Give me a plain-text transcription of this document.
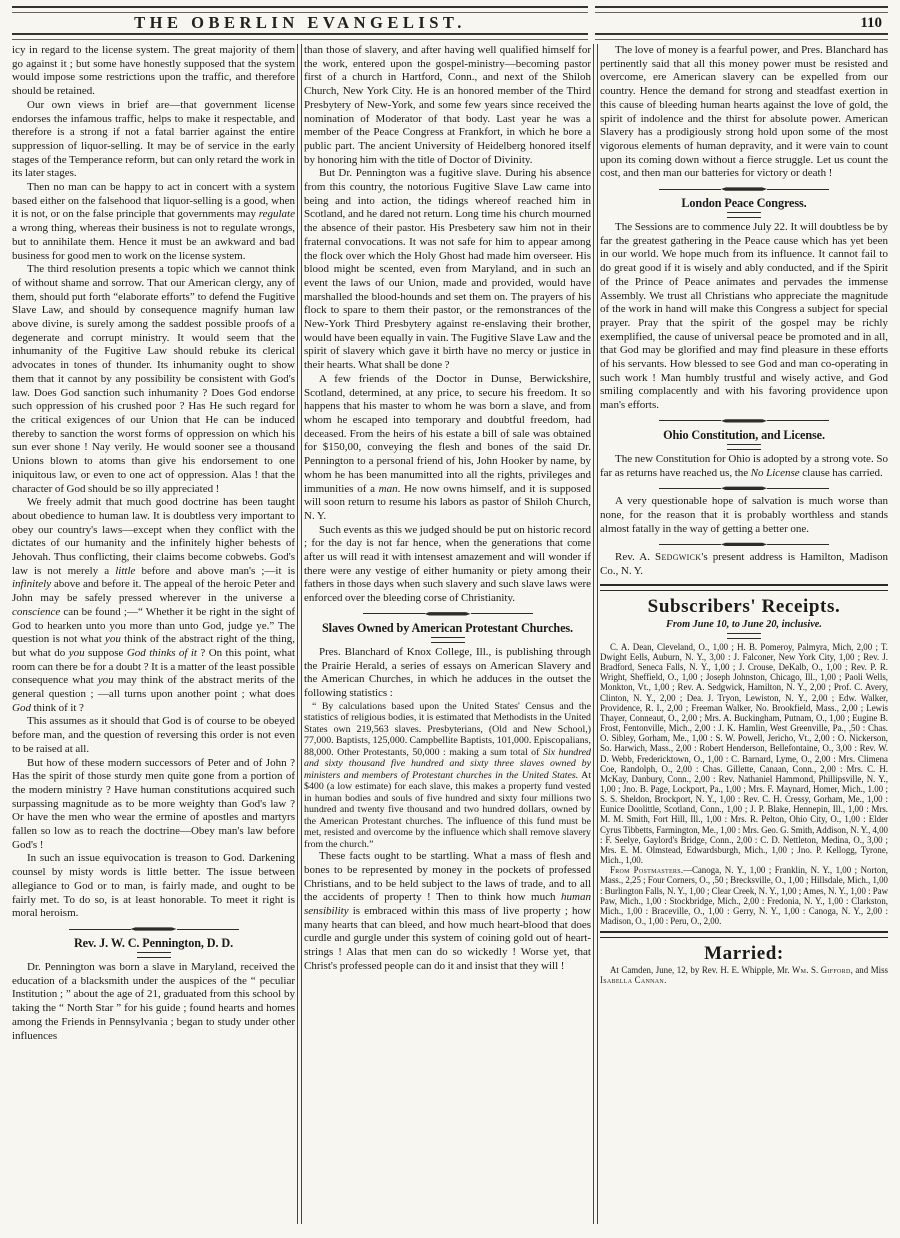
THE OBERLIN EVANGELIST.	110

icy in regard to the license system. The great majority of them go against it ; but some have honestly supposed that the system would impose some restrictions upon the traffic, and therefore should be retained.

Our own views in brief are—that government license endorses the infamous traffic, helps to make it respectable, and therefore is a strong if not a fatal barrier against the entire suppression of liquor-selling. It may be of service in the early stages of the Temperance reform, but can only retard the work in its later stages.

Then no man can be happy to act in concert with a system based either on the falsehood that liquor-selling is a good, when it is not, or on the false principle that governments may regulate a wrong thing, whereas their business is not to regulate wrongs, but to annihilate them. Hence it must be an awkward and bad business for good men to work on the license system.

The third resolution presents a topic which we cannot think of without shame and sorrow. That our American clergy, any of them, should put forth “elaborate efforts” to defend the Fugitive Slave Law, and should by consequence magnify human law above divine, is surely among the saddest possible proofs of a degenerate and corrupt ministry. It would seem that the inhumanity of the Fugitive Law should rebuke its clerical advocates in tones of thunder. Its inhumanity ought to show them that it cannot by any possibility be consistent with God's law. Does God sanction such inhumanity ? Does God endorse such oppression of his crushed poor ? Has He such regard for the critical exigences of our Union that He can be induced thereby to sanction the worst forms of oppression on which his sun ever shone ! Nay verily. He would sooner see a thousand Unions blown to atoms than give his endorsement to one iniquitous law, or even to one act of oppression. Alas ! that the character of God should be so illy appreciated !

We freely admit that much good doctrine has been taught about obedience to human law. It is doubtless very important to obey our country's laws—except when they conflict with the dictates of our humanity and the infinitely higher behests of Jehovah. Thus conflicting, their claims become cobwebs. God's law is not merely a little before and above man's ;—it is infinitely above and before it. The appeal of the heroic Peter and John may be safely pressed wherever in the universe a conscience can be found ;—“ Whether it be right in the sight of God to hearken unto you more than unto God, judge ye.” The question is not what you think of the abstract right of the thing, but what do you suppose God thinks of it ? On this point, what room can there be for a doubt ? It is a matter of the least possible consequence what you may think of the abstract merits of the general question ; —all turns upon another point ; what does God think of it ?

This assumes as it should that God is of course to be obeyed before man, and the question of reversing this order is not even to be raised at all.

But how of these modern successors of Peter and of John ? Has the spirit of those sturdy men quite gone from a portion of the modern ministry ? Have human constitutions acquired such surpassing magnitude as to be more weighty than God's law ? Or have the men who wear the ermine of apostles and martyrs fallen so low as to reach the doctrine—Obey man's law before God's !

In such an issue equivocation is treason to God. Darkening counsel by misty words is little better. The issue between allegiance to God or to man, is fairly made, and ought to be fairly met. To do so, is at least honorable. To meet it right is moral heroism.

Rev. J. W. C. Pennington, D. D.

Dr. Pennington was born a slave in Maryland, received the education of a blacksmith under the auspices of the “ peculiar Institution ; ” about the age of 21, graduated from this school by taking the “ North Star ” for his guide ; found hearts and homes among the Friends in Pennsylvania ; began to study under other influences

than those of slavery, and after having well qualified himself for the work, entered upon the gospel-ministry—becoming pastor first of a church in Hartford, Conn., and next of the Shiloh Church, New York City. He is an honored member of the Third Presbytery of New-York, and some few years since received the nomination of Moderator of that body. Last year he was a member of the Peace Congress at Frankfort, in which he bore a public part. The ancient University of Heidelberg honored itself by honoring him with the title of Doctor of Divinity.

But Dr. Pennington was a fugitive slave. During his absence from this country, the notorious Fugitive Slave Law came into being and into action, the tidings whereof reached him in Scotland, and he dared not return. Long time his church mourned the absence of their pastor. His Presbetery saw him not in their fraternal convocations. It was not safe for him to appear among the flock over which the Holy Ghost had made him overseer. His blood might be scented, even from Maryland, and in such an event the laws of our Union, made and provided, would have marshalled the blood-hounds and set them on. The prayers of his flock to spare to them their pastor, or the remonstrances of the New-York Third Presbytery against re-enslaving their brother, would have been equally in vain. The Fugitive Slave Law and the spirit of slavery which gave it birth have no mercy or justice in their hearts. What shall be done ?

A few friends of the Doctor in Dunse, Berwickshire, Scotland, determined, at any price, to secure his freedom. It so happens that his master to whom he was born a slave, and from whom he escaped into temporary and doubtful freedom, had deceased. From the heirs of his estate a bill of sale was obtained for $150,00, conveying the flesh and bones of the said Dr. Pennington to a personal friend of his, John Hooker by name, by whom he has been manumitted into all the rights, privileges and immunities of a man. He now owns himself, and it is supposed will soon return to resume his labors as pastor of Shiloh Church, N. Y.

Such events as this we judged should be put on historic record ; for the day is not far hence, when the generations that come after us will read it with intensest amazement and will wonder if there were any vestige of either humanity or piety among their fathers in those days when such slavery and such slave laws were enforced over the bleeding corse of Christianity.

Slaves Owned by American Protestant Churches.

Pres. Blanchard of Knox College, Ill., is publishing through the Prairie Herald, a series of essays on American Slavery and the American Churches, in which he adduces in the outset the following statistics :

“ By calculations based upon the United States' Census and the statistics of religious bodies, it is estimated that Methodists in the United States own 219,563 slaves. Presbyterians, (Old and New School,) 77,000. Baptists, 125,000. Campbellite Baptists, 101,000. Episcopalians, 88,000. Other Protestants, 50,000 : making a sum total of Six hundred and sixty thousand five hundred and sixty three slaves owned by ministers and members of Protestant churches in the United States. At $400 (a low estimate) for each slave, this makes a property fund vested in human bodies and souls of five hundred and sixty four millions two hundred and twenty five thousand and two hundred dollars, owned by the American Protestant churches. The influence of this fund must be met, resisted and overcome by the influence which shall remove slavery from the church.”

These facts ought to be startling. What a mass of flesh and bones to be represented by money in the pockets of professed Christians, and to be held subject to the laws of trade, and to all the accidents of property ! Then to think how much human sensibility is embraced within this mass of live property ; how many hearts that can bleed, and how much heart-blood that does curdle and gurgle under this system of coining gold out of heart-strings ! Alas that men can do so wickedly ! Worse yet, that Christ's professed people can do it and insist that they will !

The love of money is a fearful power, and Pres. Blanchard has pertinently said that all this money power must be resisted and overcome, ere American slavery can be expelled from our country. Hence the demand for strong and steadfast exertion in this cause of bleeding human hearts against the love of gold, the spirit of indolence and the thirst for absolute power. American Slavery has a prodigiously strong hold upon some of the most vigorous elements of human depravity, and it were vain to count upon its coming down without a fierce struggle. Let us count the cost, and then man our batteries for victory or death !

London Peace Congress.

The Sessions are to commence July 22. It will doubtless be by far the greatest gathering in the Peace cause which has yet been in our world. We hope much from its influence. It cannot fail to do great good if it is wisely and ably conducted, and if the Spirit of the Prince of Peace animates and pervades the immense Assembly. We trust all Christians who appreciate the magnitude of the work in hand will make this Congress a subject for special prayer. Pray that the spirit of the gospel may be richly exemplified, the cause of universal peace be promoted and in all, that God may be glorified and may find pleasure in these efforts of his servants. How blessed to see God and man co-operating in such work ! Man humbly trustful and wisely active, and God smiling complacently and with his favoring providence upon man's efforts.

Ohio Constitution, and License.

The new Constitution for Ohio is adopted by a strong vote. So far as returns have reached us, the No License clause has carried.

A very questionable hope of salvation is much worse than none, for the reason that it is probably worthless and stands almost fatally in the way of getting a better one.

Rev. A. Sedgwick's present address is Hamilton, Madison Co., N. Y.

Subscribers' Receipts.

From June 10, to June 20, inclusive.

C. A. Dean, Cleveland, O., 1,00 ; H. B. Pomeroy, Palmyra, Mich, 2,00 ; T. Dwight Eells, Auburn, N. Y., 3,00 : J. Falconer, New York City, 1,00 ; Rev. J. Bradford, Seneca Falls, N. Y., 1,00 ; J. Crouse, DeKalb, O., 1,00 ; Rev. P. R. Wright, Sheffield, O., 1,00 ; Joseph Johnston, Chicago, Ill., 1,00 ; Paoli Wells, Monkton, Vt., 1,00 ; Rev. A. Sedgwick, Hamilton, N. Y., 2,00 ; Prof. C. Avery, Clinton, N. Y., 2,00 ; Dea. J. Tryon, Lewiston, N. Y., 2,00 ; Edw. Walker, Providence, R. I., 2,00 ; Freeman Walker, No. Brookfield, Mass., 2,00 ; Lewis Thayer, Conneaut, O., 2,00 ; Mrs. A. Buckingham, Putnam, O., 1,00 ; Eugine B. Frost, Fentonville, Mich., 2,00 : J. K. Hamlin, West Greenville, Pa., ,50 : Chas. O. Sibley, Gorham, Me., 1,00 : S. W. Powell, Jericho, Vt., 2,00 : O. Nickerson, So. Harwich, Mass., 2,00 : Robert Henderson, Bellefontaine, O., 3,00 : Rev. W. D. Webb, Fredericktown, O., 1,00 : C. Barnard, Lyme, O., 2,00 : Mrs. Climena Coe, Randolph, O., 2,00 : Chas. Gillette, Canaan, Conn., 2,00 : Mrs. C. H. McKay, Danbury, Conn., 2,00 : Rev. Nathaniel Hammond, Phillipsville, N. Y., 1,00 ; Jno. B. Page, Lockport, Pa., 1,00 ; Mrs. F. Maynard, Homer, Mich., 1.00 ; S. S. Sheldon, Brockport, N. Y., 1,00 : Rev. C. H. Cressy, Gorham, Me., 1,00 : Eunice Doolittle, Scotland, Conn., 1,00 ; J. P. Blake, Hennepin, Ill., 1,00 : Mrs. M. M. Smith, Fort Hill, Ill., 1,00 : Mrs. R. Pelton, Ohio City, O., 1,00 : Elder Cyrus Tibbetts, Farmington, Me., 1,00 : Mrs. Geo. G. Smith, Addison, N. Y., 4,00 : F. Seelye, Gaylord's Bridge, Conn., 2,00 : C. D. Nettleton, Medina, O., 3,00 ; Mrs. E. M. Olmstead, Edwardsburgh, Mich., 1,00 ; Jno. P. Kellogg, Tyrone, Mich., 1,00.

From Postmasters.—Canoga, N. Y., 1,00 ; Franklin, N. Y., 1,00 ; Norton, Mass., 2,25 ; Four Corners, O., ,50 ; Brecksville, O., 1,00 ; Hillsdale, Mich., 1,00 : Burlington Falls, N. Y., 1,00 ; Clear Creek, N. Y., 1,00 ; Ames, N. Y., 1,00 : Paw Paw, Mich., 1,00 : Stockbridge, Mich., 2,00 : Fredonia, N. Y., 1,00 : Clarkston, Mich., 1,00 : Braceville, O., 1,00 : Gerry, N. Y., 1,00 : Canoga, N. Y., 2,00 : Madison, O., 1,00 : Peru, O., 2,00.

Married:

At Camden, June, 12, by Rev. H. E. Whipple, Mr. Wm. S. Gifford, and Miss Isabella Cannan.
